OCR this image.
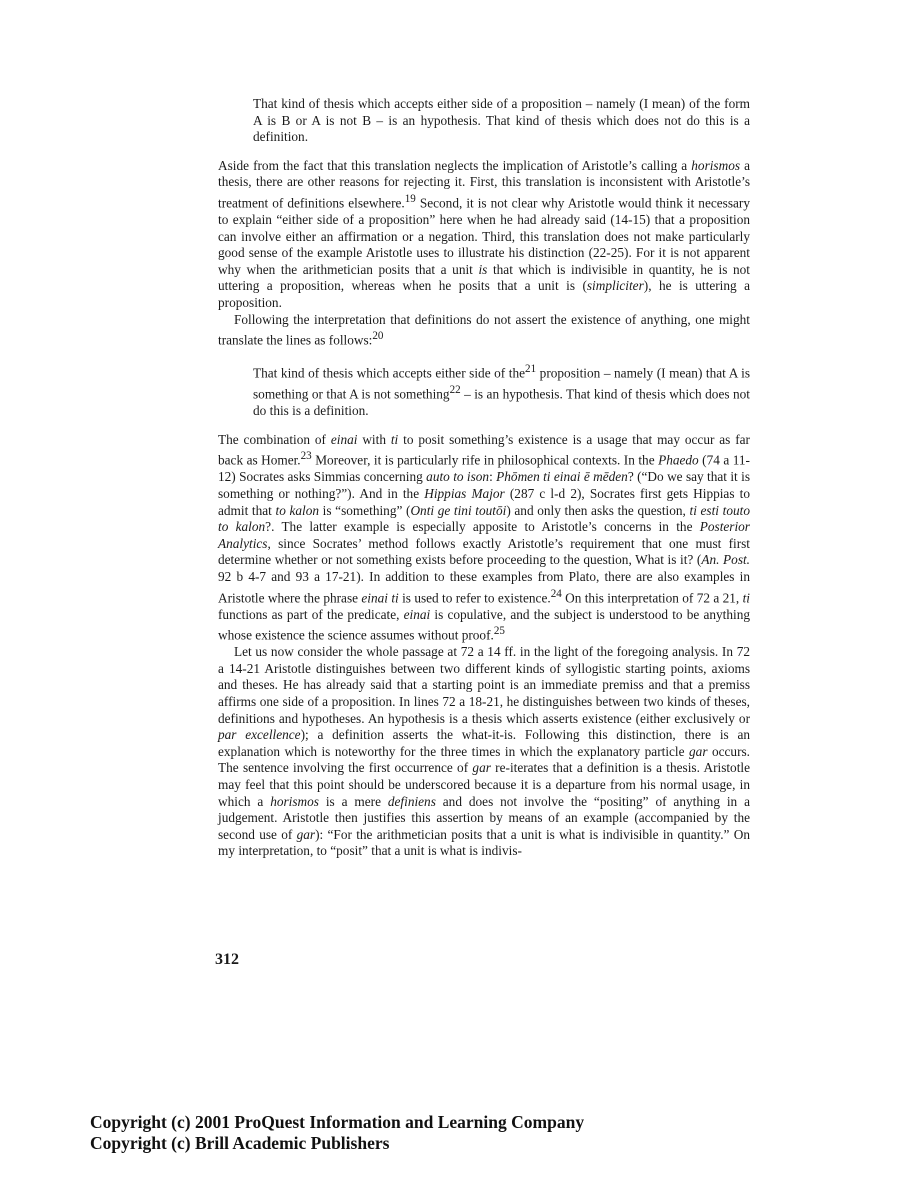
That kind of thesis which accepts either side of a proposition – namely (I mean) of the form A is B or A is not B – is an hypothesis. That kind of thesis which does not do this is a definition.

Aside from the fact that this translation neglects the implication of Aristotle’s calling a horismos a thesis, there are other reasons for rejecting it. First, this translation is inconsistent with Aristotle’s treatment of definitions elsewhere.$^{19}$ Second, it is not clear why Aristotle would think it necessary to explain “either side of a proposition” here when he had already said (14-15) that a proposition can involve either an affirmation or a negation. Third, this translation does not make particularly good sense of the example Aristotle uses to illustrate his distinction (22-25). For it is not apparent why when the arithmetician posits that a unit is that which is indivisible in quantity, he is not uttering a proposition, whereas when he posits that a unit is (simpliciter), he is uttering a proposition.

Following the interpretation that definitions do not assert the existence of anything, one might translate the lines as follows:$^{20}$

That kind of thesis which accepts either side of the$^{21}$ proposition – namely (I mean) that A is something or that A is not something$^{22}$ – is an hypothesis. That kind of thesis which does not do this is a definition.

The combination of einai with ti to posit something’s existence is a usage that may occur as far back as Homer.$^{23}$ Moreover, it is particularly rife in philosophical contexts. In the Phaedo (74 a 11-12) Socrates asks Simmias concerning auto to ison: Phōmen ti einai ē mēden? (“Do we say that it is something or nothing?”). And in the Hippias Major (287 c l-d 2), Socrates first gets Hippias to admit that to kalon is “something” (Onti ge tini toutōi) and only then asks the question, ti esti touto to kalon?. The latter example is especially apposite to Aristotle’s concerns in the Posterior Analytics, since Socrates’ method follows exactly Aristotle’s requirement that one must first determine whether or not something exists before proceeding to the question, What is it? (An. Post. 92 b 4-7 and 93 a 17-21). In addition to these examples from Plato, there are also examples in Aristotle where the phrase einai ti is used to refer to existence.$^{24}$ On this interpretation of 72 a 21, ti functions as part of the predicate, einai is copulative, and the subject is understood to be anything whose existence the science assumes without proof.$^{25}$

Let us now consider the whole passage at 72 a 14 ff. in the light of the foregoing analysis. In 72 a 14-21 Aristotle distinguishes between two different kinds of syllogistic starting points, axioms and theses. He has already said that a starting point is an immediate premiss and that a premiss affirms one side of a proposition. In lines 72 a 18-21, he distinguishes between two kinds of theses, definitions and hypotheses. An hypothesis is a thesis which asserts existence (either exclusively or par excellence); a definition asserts the what-it-is. Following this distinction, there is an explanation which is noteworthy for the three times in which the explanatory particle gar occurs. The sentence involving the first occurrence of gar re-iterates that a definition is a thesis. Aristotle may feel that this point should be underscored because it is a departure from his normal usage, in which a horismos is a mere definiens and does not involve the “positing” of anything in a judgement. Aristotle then justifies this assertion by means of an example (accompanied by the second use of gar): “For the arithmetician posits that a unit is what is indivisible in quantity.” On my interpretation, to “posit” that a unit is what is indivis-

312
Copyright (c) 2001 ProQuest Information and Learning Company
Copyright (c) Brill Academic Publishers
